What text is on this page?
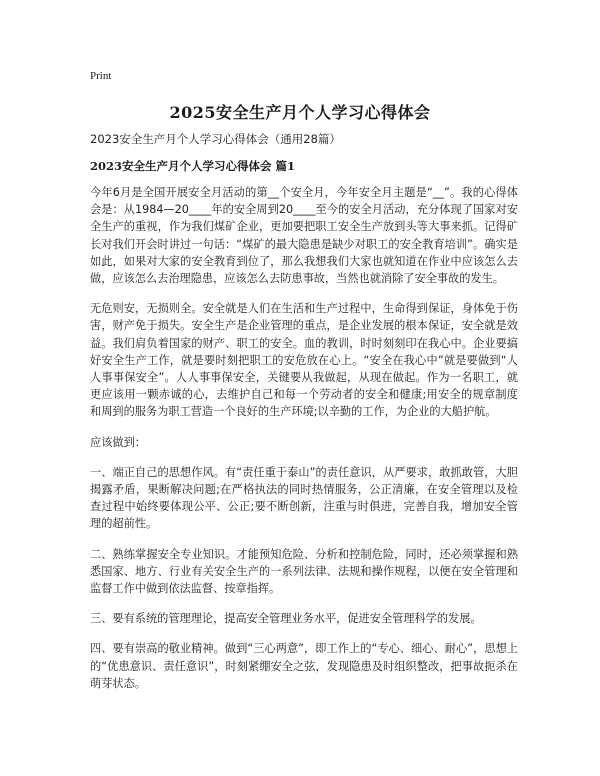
Print
2025安全生产月个人学习心得体会
2023安全生产月个人学习心得体会（通用28篇）
2023安全生产月个人学习心得体会 篇1

今年6月是全国开展安全月活动的第__个安全月，今年安全月主题是“__”。我的心得体会是：从1984—20____年的安全周到20____至今的安全月活动，充分体现了国家对安全生产的重视，作为我们煤矿企业，更加要把职工安全生产放到头等大事来抓。记得矿长对我们开会时讲过一句话：“煤矿的最大隐患是缺少对职工的安全教育培训”。确实是如此，如果对大家的安全教育到位了，那么我想我们大家也就知道在作业中应该怎么去做，应该怎么去治理隐患，应该怎么去防患事故，当然也就消除了安全事故的发生。

无危则安，无损则全。安全就是人们在生活和生产过程中，生命得到保证，身体免于伤害，财产免于损失。安全生产是企业管理的重点，是企业发展的根本保证，安全就是效益。我们肩负着国家的财产、职工的安全。血的教训，时时刻刻印在我心中。企业要搞好安全生产工作，就是要时刻把职工的安危放在心上。“安全在我心中”就是要做到“人人事事保安全”。人人事事保安全，关键要从我做起，从现在做起。作为一名职工，就更应该用一颗赤诚的心，去维护自己和每一个劳动者的安全和健康;用安全的规章制度和周到的服务为职工营造一个良好的生产环境;以辛勤的工作，为企业的大船护航。

应该做到：

一、端正自己的思想作风。有“责任重于泰山”的责任意识，从严要求，敢抓敢管，大胆揭露矛盾，果断解决问题;在严格执法的同时热情服务，公正清廉，在安全管理以及检查过程中始终要体现公平、公正;要不断创新，注重与时俱进，完善自我，增加安全管理的超前性。

二、熟练掌握安全专业知识。才能预知危险、分析和控制危险，同时，还必须掌握和熟悉国家、地方、行业有关安全生产的一系列法律、法规和操作规程，以便在安全管理和监督工作中做到依法监督、按章指挥。

三、要有系统的管理理论，提高安全管理业务水平，促进安全管理科学的发展。

四、要有崇高的敬业精神。做到“三心两意”，即工作上的“专心、细心、耐心”，思想上的“优患意识、责任意识”，时刻紧绷安全之弦，发现隐患及时组织整改，把事故扼杀在萌芽状态。
